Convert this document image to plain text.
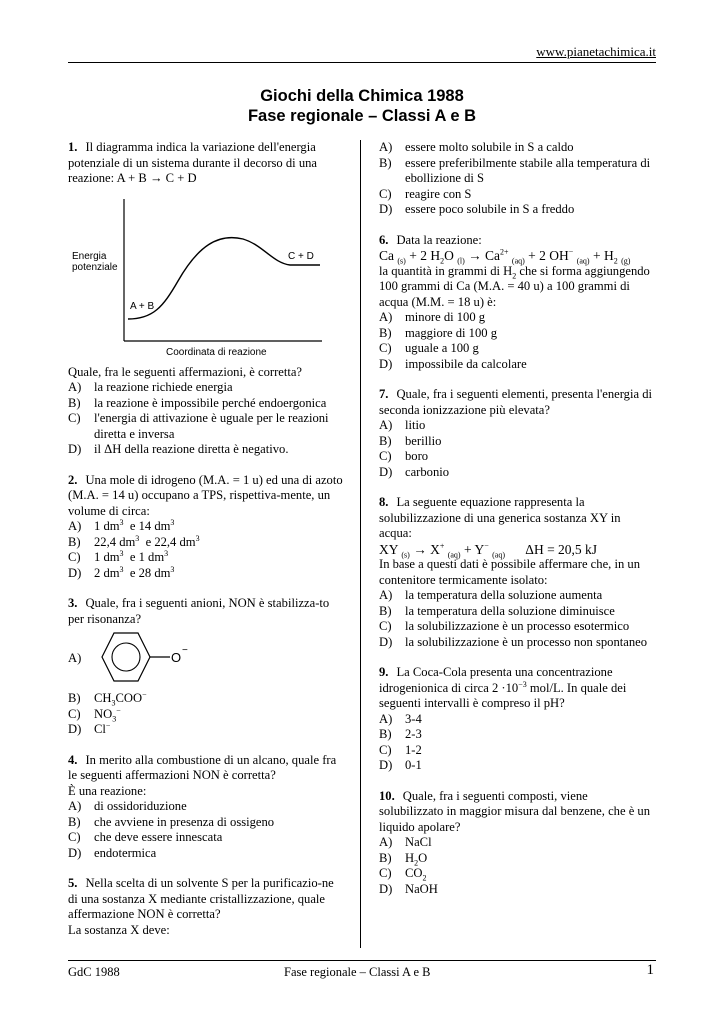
www.pianetachimica.it
Giochi della Chimica 1988
Fase regionale – Classi A e B

1. Il diagramma indica la variazione dell'energia potenziale di un sistema durante il decorso di una reazione: A + B → C + D

Energia
potenziale
A + B
C + D
Coordinata di reazione

Quale, fra le seguenti affermazioni, è corretta?

A)	la reazione richiede energia
B)	la reazione è impossibile perché endoergonica
C)	l'energia di attivazione è uguale per le reazioni diretta e inversa
D)	il ΔH della reazione diretta è negativo.

2. Una mole di idrogeno (M.A. = 1 u) ed una di azoto (M.A. = 14 u) occupano a TPS, rispettiva-mente, un volume di circa:

A)	1 $dm^3$ e 14 $dm^3$
B)	22,4 $dm^3$ e 22,4 $dm^3$
C)	1 $dm^3$ e 1 $dm^3$
D)	2 $dm^3$ e 28 $dm^3$

3. Quale, fra i seguenti anioni, NON è stabilizza-to per risonanza?

A)	O −
B)	$CH_3COO^-$
C)	$NO_3^-$
D)	Cl−

4. In merito alla combustione di un alcano, quale fra le seguenti affermazioni NON è corretta?

È una reazione:

A)	di ossidoriduzione
B)	che avviene in presenza di ossigeno
C)	che deve essere innescata
D)	endotermica

5. Nella scelta di un solvente S per la purificazio-ne di una sostanza X mediante cristallizzazione, quale affermazione NON è corretta?

La sostanza X deve:

A)	essere molto solubile in S a caldo
B)	essere preferibilmente stabile alla temperatura di ebollizione di S
C)	reagire con S
D)	essere poco solubile in S a freddo

6. Data la reazione:

Ca $_{(s)}$ + 2 $H_2O$ $_{(l)} \to Ca^{2+}$ $_{(aq)}$ + 2 OH− $_{(aq)} + H_2$ $_{(g)}$

la quantità in grammi di $H_2$ che si forma aggiungendo 100 grammi di Ca (M.A. = 40 u) a 100 grammi di acqua (M.M. = 18 u) è:

A)	minore di 100 g
B)	maggiore di 100 g
C)	uguale a 100 g
D)	impossibile da calcolare

7. Quale, fra i seguenti elementi, presenta l'energia di seconda ionizzazione più elevata?

A)	litio
B)	berillio
C)	boro
D)	carbonio

8. La seguente equazione rappresenta la solubilizzazione di una generica sostanza XY in acqua:

XY $_{(s)}$ → X+ $_{(aq)}$ + Y− $_{(aq)}$ ΔH = 20,5 kJ

In base a questi dati è possibile affermare che, in un contenitore termicamente isolato:

A)	la temperatura della soluzione aumenta
B)	la temperatura della soluzione diminuisce
C)	la solubilizzazione è un processo esotermico
D)	la solubilizzazione è un processo non spontaneo

9. La Coca-Cola presenta una concentrazione idrogenionica di circa $2 \cdot 10^{-3}$ mol/L. In quale dei seguenti intervalli è compreso il pH?

A)	3-4
B)	2-3
C)	1-2
D)	0-1

10. Quale, fra i seguenti composti, viene solubilizzato in maggior misura dal benzene, che è un liquido apolare?

A)	NaCl
B)	$H_2O$
C)	$CO_2$
D)	NaOH
GdC 1988	Fase regionale – Classi A e B	1
